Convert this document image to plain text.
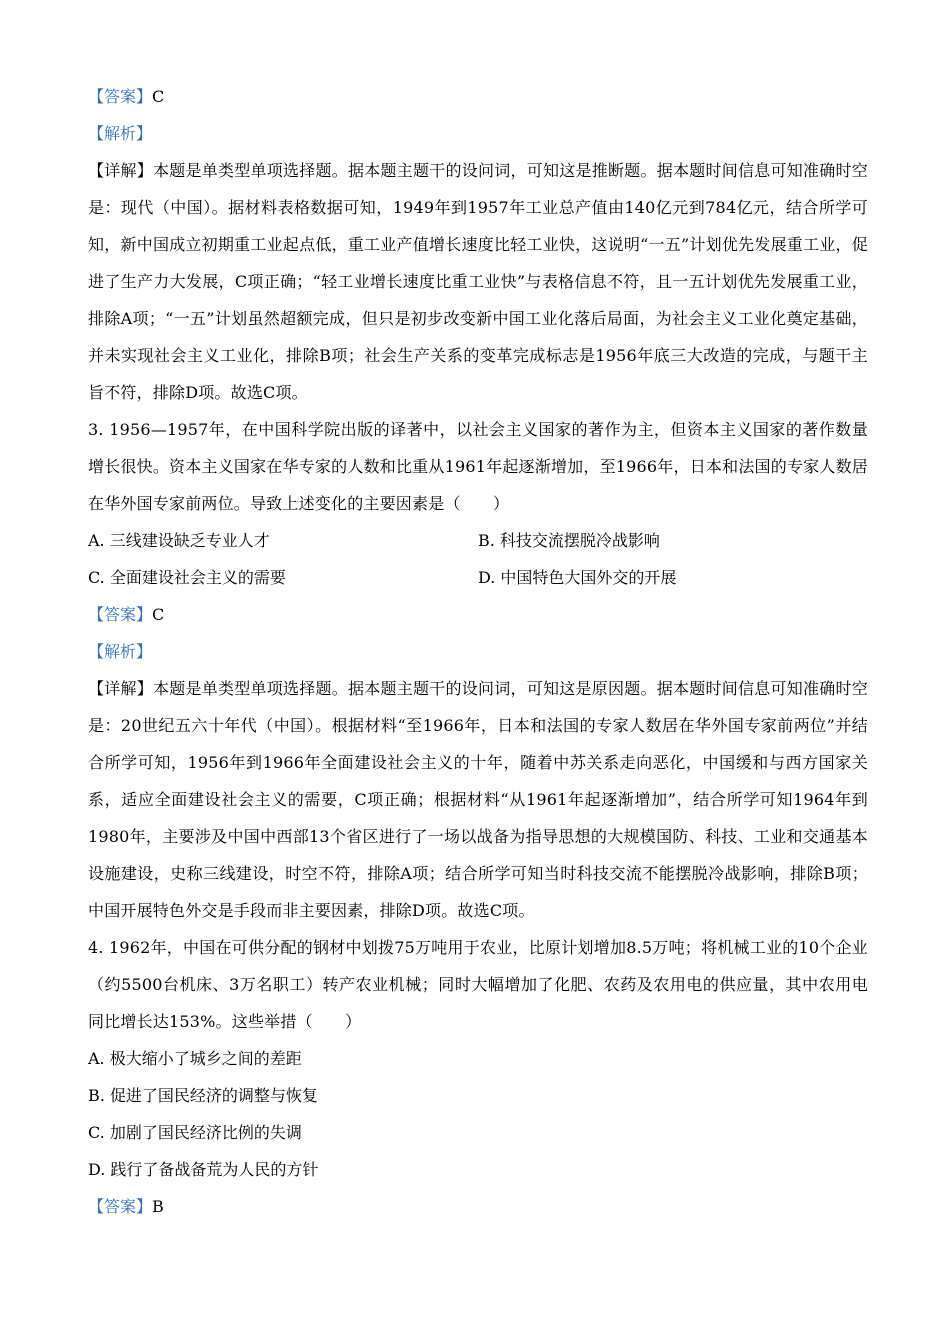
【答案】C
【解析】
【详解】本题是单类型单项选择题。据本题主题干的设问词，可知这是推断题。据本题时间信息可知准确时空是：现代（中国）。据材料表格数据可知，1949年到1957年工业总产值由140亿元到784亿元，结合所学可知，新中国成立初期重工业起点低，重工业产值增长速度比轻工业快，这说明“一五”计划优先发展重工业，促进了生产力大发展，C项正确；“轻工业增长速度比重工业快”与表格信息不符，且一五计划优先发展重工业，排除A项；“一五”计划虽然超额完成，但只是初步改变新中国工业化落后局面，为社会主义工业化奠定基础，并未实现社会主义工业化，排除B项；社会生产关系的变革完成标志是1956年底三大改造的完成，与题干主旨不符，排除D项。故选C项。
3. 1956—1957年，在中国科学院出版的译著中，以社会主义国家的著作为主，但资本主义国家的著作数量增长很快。资本主义国家在华专家的人数和比重从1961年起逐渐增加，至1966年，日本和法国的专家人数居在华外国专家前两位。导致上述变化的主要因素是（　　）
A. 三线建设缺乏专业人才	B. 科技交流摆脱冷战影响
C. 全面建设社会主义的需要	D. 中国特色大国外交的开展
【答案】C
【解析】
【详解】本题是单类型单项选择题。据本题主题干的设问词，可知这是原因题。据本题时间信息可知准确时空是：20世纪五六十年代（中国）。根据材料“至1966年，日本和法国的专家人数居在华外国专家前两位”并结合所学可知，1956年到1966年全面建设社会主义的十年，随着中苏关系走向恶化，中国缓和与西方国家关系，适应全面建设社会主义的需要，C项正确；根据材料“从1961年起逐渐增加”，结合所学可知1964年到1980年，主要涉及中国中西部13个省区进行了一场以战备为指导思想的大规模国防、科技、工业和交通基本设施建设，史称三线建设，时空不符，排除A项；结合所学可知当时科技交流不能摆脱冷战影响，排除B项；中国开展特色外交是手段而非主要因素，排除D项。故选C项。
4. 1962年，中国在可供分配的钢材中划拨75万吨用于农业，比原计划增加8.5万吨；将机械工业的10个企业（约5500台机床、3万名职工）转产农业机械；同时大幅增加了化肥、农药及农用电的供应量，其中农用电同比增长达153%。这些举措（　　）
A. 极大缩小了城乡之间的差距
B. 促进了国民经济的调整与恢复
C. 加剧了国民经济比例的失调
D. 践行了备战备荒为人民的方针
【答案】B
